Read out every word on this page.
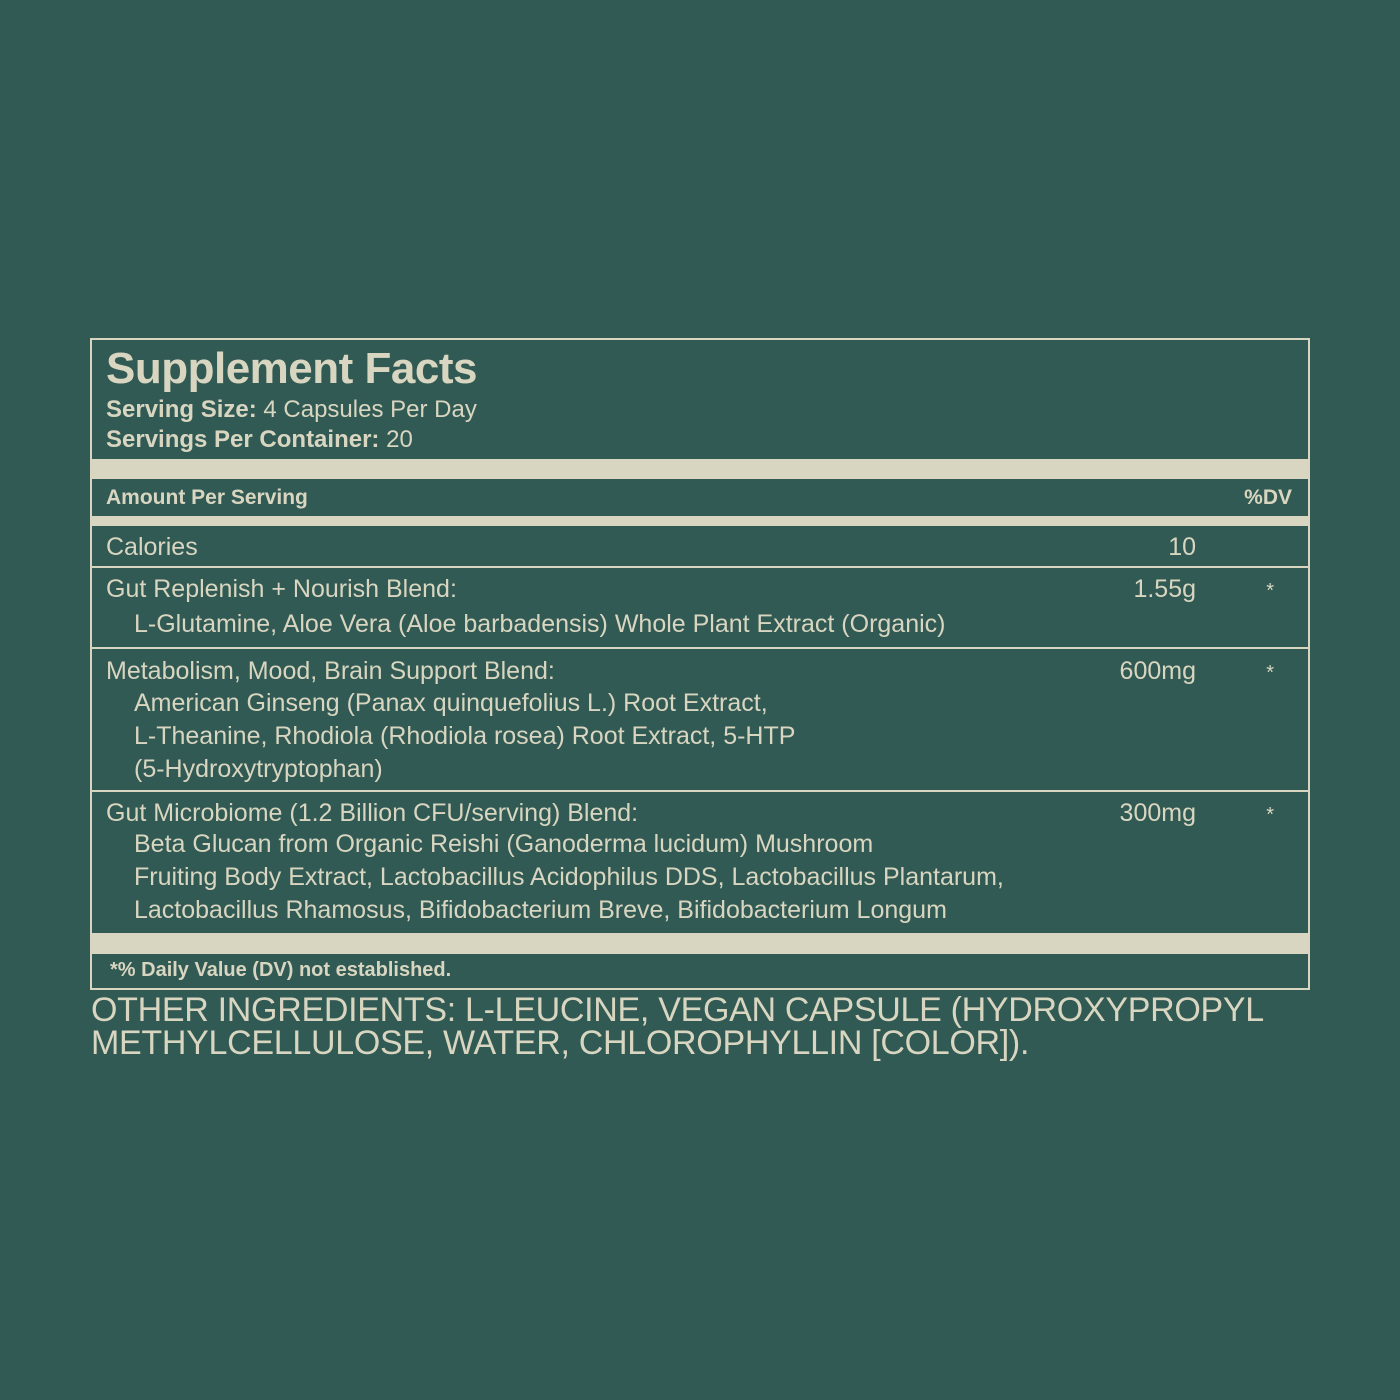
Supplement Facts
Serving Size: 4 Capsules Per Day
Servings Per Container: 20
Amount Per Serving	%DV
Calories	10
Gut Replenish + Nourish Blend:	1.55g	*
L-Glutamine, Aloe Vera (Aloe barbadensis) Whole Plant Extract (Organic)
Metabolism, Mood, Brain Support Blend:	600mg	*
American Ginseng (Panax quinquefolius L.) Root Extract,
L-Theanine, Rhodiola (Rhodiola rosea) Root Extract, 5-HTP
(5-Hydroxytryptophan)
Gut Microbiome (1.2 Billion CFU/serving) Blend:	300mg	*
Beta Glucan from Organic Reishi (Ganoderma lucidum) Mushroom
Fruiting Body Extract, Lactobacillus Acidophilus DDS, Lactobacillus Plantarum,
Lactobacillus Rhamosus, Bifidobacterium Breve, Bifidobacterium Longum
*% Daily Value (DV) not established.
OTHER INGREDIENTS: L-LEUCINE, VEGAN CAPSULE (HYDROXYPROPYL
METHYLCELLULOSE, WATER, CHLOROPHYLLIN [COLOR]).
